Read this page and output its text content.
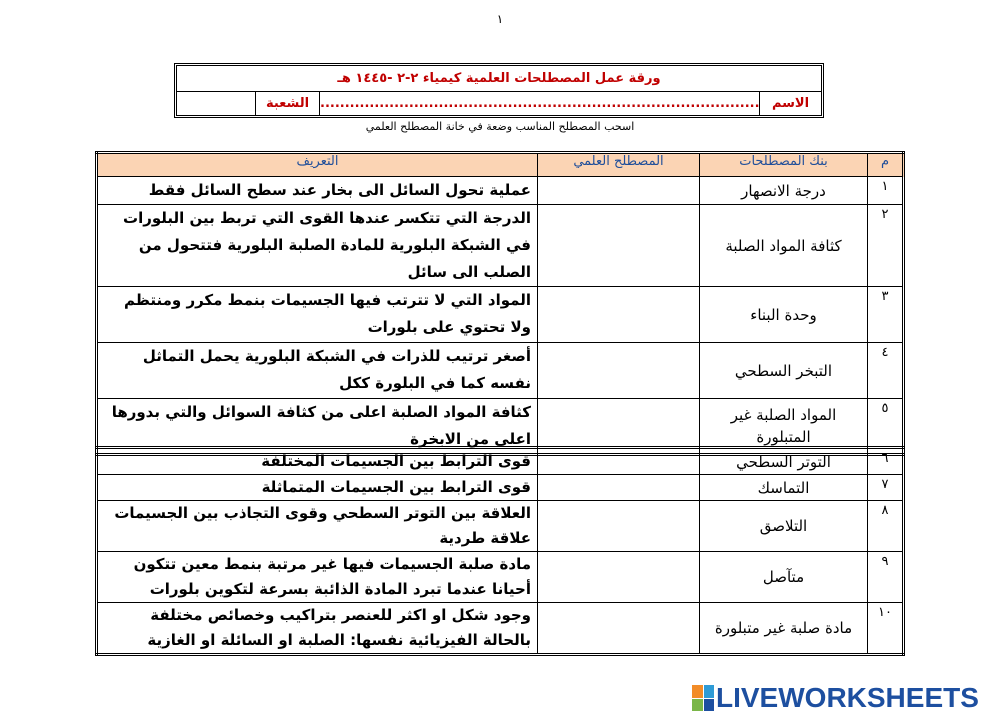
١
ورقة عمل المصطلحات العلمية كيمياء ٢-٢ -١٤٤٥ هـ
الاسم
.........................................................................................
الشعبة
اسحب المصطلح المناسب وضعة في خانة المصطلح العلمي
م	بنك المصطلحات	المصطلح العلمي	التعريف
١	درجة الانصهار		عملية تحول السائل الى بخار عند سطح السائل فقط
٢	كثافة المواد الصلبة		الدرجة التي تتكسر عندها القوى التي تربط بين البلورات في الشبكة البلورية للمادة الصلبة البلورية فتتحول من الصلب الى سائل
٣	وحدة البناء		المواد التي لا تترتب فيها الجسيمات بنمط مكرر ومنتظم ولا تحتوي على بلورات
٤	التبخر السطحي		أصغر ترتيب للذرات في الشبكة البلورية يحمل التماثل نفسه كما في البلورة ككل
٥	المواد الصلبة غير المتبلورة		كثافة المواد الصلبة اعلى من كثافة السوائل والتي بدورها اعلى من الابخرة
٦	التوتر السطحي		قوى الترابط بين الجسيمات المختلفة
٧	التماسك		قوى الترابط بين الجسيمات المتماثلة
٨	التلاصق		العلاقة بين التوتر السطحي وقوى التجاذب بين الجسيمات علاقة طردية
٩	متآصل		مادة صلبة الجسيمات فيها غير مرتبة بنمط معين تتكون أحيانا عندما تبرد المادة الذائبة بسرعة لتكوين بلورات
١٠	مادة صلبة غير متبلورة		وجود شكل او اكثر للعنصر بتراكيب وخصائص مختلفة بالحالة الفيزيائية نفسها: الصلبة او السائلة او الغازية
LIVEWORKSHEETS
